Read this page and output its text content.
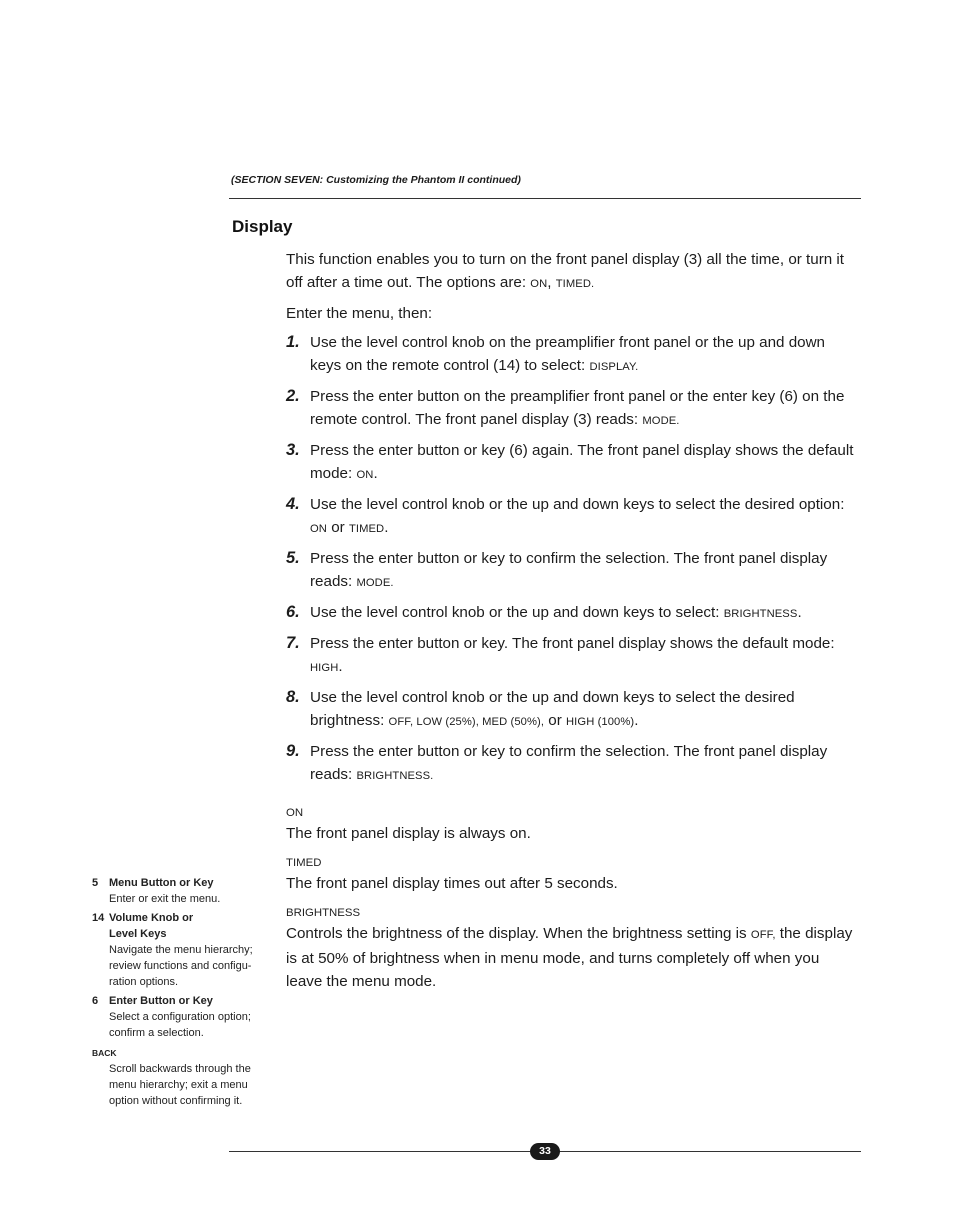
(SECTION SEVEN: Customizing the Phantom II continued)
Display

This function enables you to turn on the front panel display (3) all the time, or turn it off after a time out. The options are: ON, TIMED.

Enter the menu, then:

1. Use the level control knob on the preamplifier front panel or the up and down keys on the remote control (14) to select: DISPLAY.
2. Press the enter button on the preamplifier front panel or the enter key (6) on the remote control. The front panel display (3) reads: MODE.
3. Press the enter button or key (6) again. The front panel display shows the default mode: ON.
4. Use the level control knob or the up and down keys to select the desired option: ON or TIMED.
5. Press the enter button or key to confirm the selection. The front panel display reads: MODE.
6. Use the level control knob or the up and down keys to select: BRIGHTNESS.
7. Press the enter button or key. The front panel display shows the default mode: HIGH.
8. Use the level control knob or the up and down keys to select the desired brightness: OFF, LOW (25%), MED (50%), or HIGH (100%).
9. Press the enter button or key to confirm the selection. The front panel display reads: BRIGHTNESS.

ON

The front panel display is always on.

TIMED

The front panel display times out after 5 seconds.

BRIGHTNESS

Controls the brightness of the display. When the brightness setting is OFF, the display is at 50% of brightness when in menu mode, and turns completely off when you leave the menu mode.

5 Menu Button or Key
Enter or exit the menu.
14 Volume Knob or Level Keys
Navigate the menu hierarchy; review functions and configu-ration options.
6 Enter Button or Key
Select a configuration option; confirm a selection.
BACK
Scroll backwards through the menu hierarchy; exit a menu option without confirming it.
33
